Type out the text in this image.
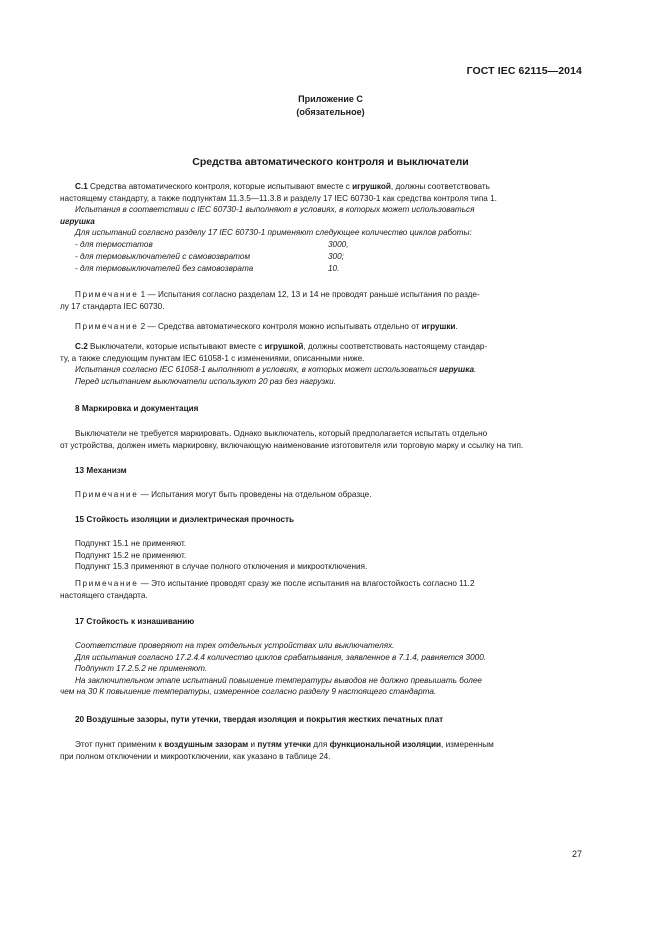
ГОСТ IEC 62115—2014
Приложение С
(обязательное)
Средства автоматического контроля и выключатели
С.1 Средства автоматического контроля, которые испытывают вместе с игрушкой, должны соответствовать
настоящему стандарту, а также подпунктам 11.3.5—11.3.8 и разделу 17 IEC 60730-1 как средства контроля типа 1.
Испытания в соответствии с IEC 60730-1 выполняют в условиях, в которых может использоваться
игрушка
Для испытаний согласно разделу 17 IEC 60730-1 применяют следующее количество циклов работы:
- для термостатов	3000,
- для термовыключателей с самовозвратом	300;
- для термовыключателей без самовозврата	10.
Примечание 1 — Испытания согласно разделам 12, 13 и 14 не проводят раньше испытания по разде-
лу 17 стандарта IEC 60730.
Примечание 2 — Средства автоматического контроля можно испытывать отдельно от игрушки.
С.2 Выключатели, которые испытывают вместе с игрушкой, должны соответствовать настоящему стандар-
ту, а также следующим пунктам IEC 61058-1 с изменениями, описанными ниже.
Испытания согласно IEC 61058-1 выполняют в условиях, в которых может использоваться игрушка.
Перед испытанием выключатели используют 20 раз без нагрузки.
8 Маркировка и документация
Выключатели не требуется маркировать. Однако выключатель, который предполагается испытать отдельно
от устройства, должен иметь маркировку, включающую наименование изготовителя или торговую марку и ссылку на тип.
13 Механизм
Примечание — Испытания могут быть проведены на отдельном образце.
15 Стойкость изоляции и диэлектрическая прочность
Подпункт 15.1 не применяют.
Подпункт 15.2 не применяют.
Подпункт 15.3 применяют в случае полного отключения и микроотключения.
Примечание — Это испытание проводят сразу же после испытания на влагостойкость согласно 11.2
настоящего стандарта.
17 Стойкость к изнашиванию
Соответствие проверяют на трех отдельных устройствах или выключателях.
Для испытания согласно 17.2.4.4 количество циклов срабатывания, заявленное в 7.1.4, равняется 3000.
Подпункт 17.2.5.2 не применяют.
На заключительном этапе испытаний повышение температуры выводов не должно превышать более
чем на 30 К повышение температуры, измеренное согласно разделу 9 настоящего стандарта.
20 Воздушные зазоры, пути утечки, твердая изоляция и покрытия жестких печатных плат
Этот пункт применим к воздушным зазорам и путям утечки для функциональной изоляции, измеренным
при полном отключении и микроотключении, как указано в таблице 24.
27
